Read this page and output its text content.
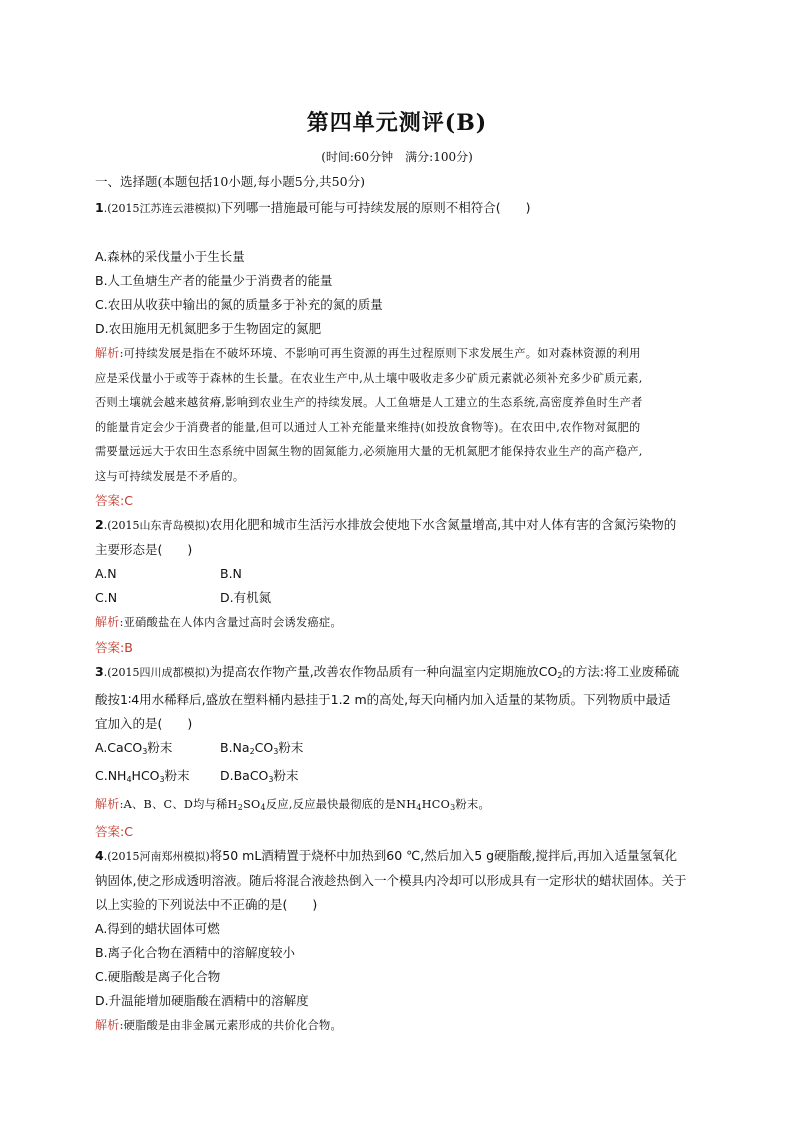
第四单元测评(B)
(时间:60分钟　满分:100分)
一、选择题(本题包括10小题,每小题5分,共50分)
1.(2015江苏连云港模拟)下列哪一措施最可能与可持续发展的原则不相符合(　　)
A.森林的采伐量小于生长量
B.人工鱼塘生产者的能量少于消费者的能量
C.农田从收获中输出的氮的质量多于补充的氮的质量
D.农田施用无机氮肥多于生物固定的氮肥
解析:可持续发展是指在不破坏环境、不影响可再生资源的再生过程原则下求发展生产。如对森林资源的利用
应是采伐量小于或等于森林的生长量。在农业生产中,从土壤中吸收走多少矿质元素就必须补充多少矿质元素,
否则土壤就会越来越贫瘠,影响到农业生产的持续发展。人工鱼塘是人工建立的生态系统,高密度养鱼时生产者
的能量肯定会少于消费者的能量,但可以通过人工补充能量来维持(如投放食物等)。在农田中,农作物对氮肥的
需要量远远大于农田生态系统中固氮生物的固氮能力,必须施用大量的无机氮肥才能保持农业生产的高产稳产,
这与可持续发展是不矛盾的。
答案:C
2.(2015山东青岛模拟)农用化肥和城市生活污水排放会使地下水含氮量增高,其中对人体有害的含氮污染物的
主要形态是(　　)
A.N	B.N
C.N	D.有机氮
解析:亚硝酸盐在人体内含量过高时会诱发癌症。
答案:B
3.(2015四川成都模拟)为提高农作物产量,改善农作物品质有一种向温室内定期施放$CO_2$的方法:将工业废稀硫
酸按1∶4用水稀释后,盛放在塑料桶内悬挂于1.2 m的高处,每天向桶内加入适量的某物质。下列物质中最适
宜加入的是(　　)
A.CaCO$_3$粉末	$B.Na_2CO_3$粉末
$C.NH_4HCO_3$粉末 D.BaCO$_3$粉末
解析:A、B、C、D均与稀$H_2SO_4$反应,反应最快最彻底的是$NH_4HCO_3$粉末。
答案:C
4.(2015河南郑州模拟)将50 mL酒精置于烧杯中加热到60 ℃,然后加入5 g硬脂酸,搅拌后,再加入适量氢氧化
钠固体,使之形成透明溶液。随后将混合液趁热倒入一个模具内冷却可以形成具有一定形状的蜡状固体。关于
以上实验的下列说法中不正确的是(　　)
A.得到的蜡状固体可燃
B.离子化合物在酒精中的溶解度较小
C.硬脂酸是离子化合物
D.升温能增加硬脂酸在酒精中的溶解度
解析:硬脂酸是由非金属元素形成的共价化合物。
